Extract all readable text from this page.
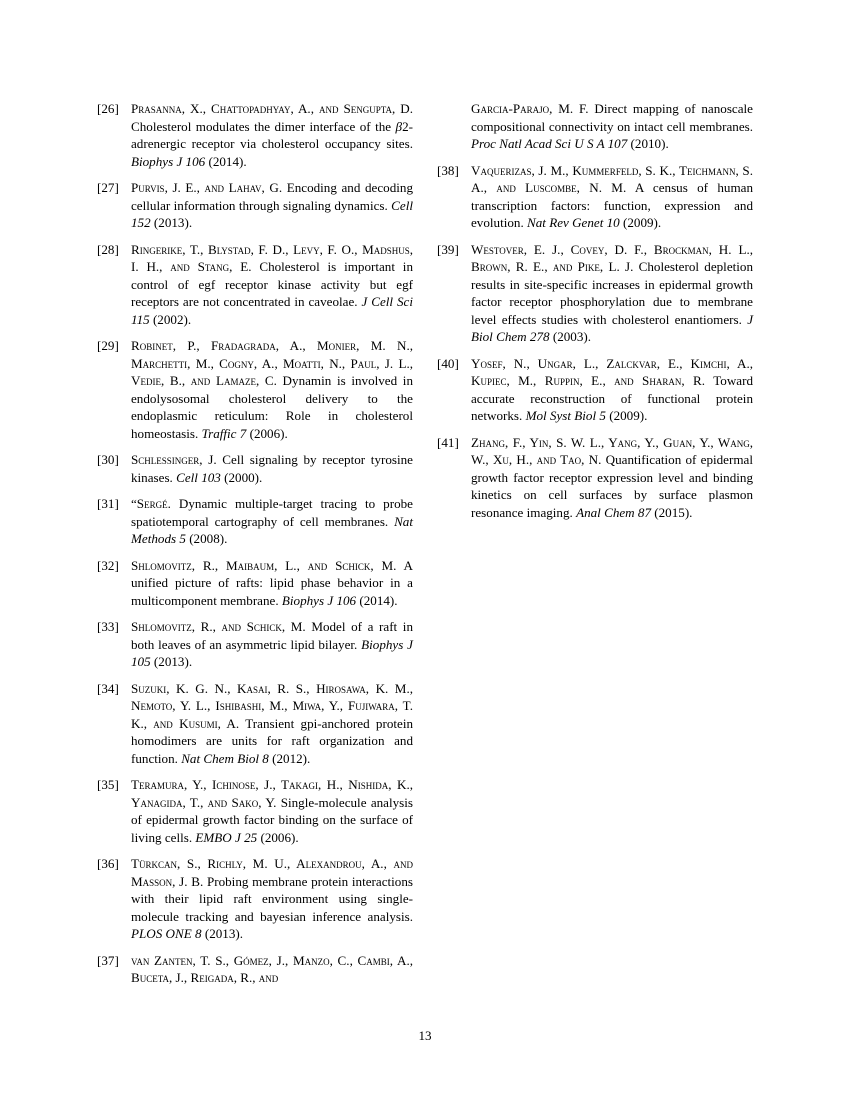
[26] Prasanna, X., Chattopadhyay, A., and Sengupta, D. Cholesterol modulates the dimer interface of the β2-adrenergic receptor via cholesterol occupancy sites. Biophys J 106 (2014).
[27] Purvis, J. E., and Lahav, G. Encoding and decoding cellular information through signaling dynamics. Cell 152 (2013).
[28] Ringerike, T., Blystad, F. D., Levy, F. O., Madshus, I. H., and Stang, E. Cholesterol is important in control of egf receptor kinase activity but egf receptors are not concentrated in caveolae. J Cell Sci 115 (2002).
[29] Robinet, P., Fradagrada, A., Monier, M. N., Marchetti, M., Cogny, A., Moatti, N., Paul, J. L., Vedie, B., and Lamaze, C. Dynamin is involved in endolysosomal cholesterol delivery to the endoplasmic reticulum: Role in cholesterol homeostasis. Traffic 7 (2006).
[30] Schlessinger, J. Cell signaling by receptor tyrosine kinases. Cell 103 (2000).
[31] “Sergé. Dynamic multiple-target tracing to probe spatiotemporal cartography of cell membranes. Nat Methods 5 (2008).
[32] Shlomovitz, R., Maibaum, L., and Schick, M. A unified picture of rafts: lipid phase behavior in a multicomponent membrane. Biophys J 106 (2014).
[33] Shlomovitz, R., and Schick, M. Model of a raft in both leaves of an asymmetric lipid bilayer. Biophys J 105 (2013).
[34] Suzuki, K. G. N., Kasai, R. S., Hirosawa, K. M., Nemoto, Y. L., Ishibashi, M., Miwa, Y., Fujiwara, T. K., and Kusumi, A. Transient gpi-anchored protein homodimers are units for raft organization and function. Nat Chem Biol 8 (2012).
[35] Teramura, Y., Ichinose, J., Takagi, H., Nishida, K., Yanagida, T., and Sako, Y. Single-molecule analysis of epidermal growth factor binding on the surface of living cells. EMBO J 25 (2006).
[36] Türkcan, S., Richly, M. U., Alexandrou, A., and Masson, J. B. Probing membrane protein interactions with their lipid raft environment using single-molecule tracking and bayesian inference analysis. PLOS ONE 8 (2013).
[37] van Zanten, T. S., Gómez, J., Manzo, C., Cambi, A., Buceta, J., Reigada, R., and
Garcia-Parajo, M. F. Direct mapping of nanoscale compositional connectivity on intact cell membranes. Proc Natl Acad Sci U S A 107 (2010).
[38] Vaquerizas, J. M., Kummerfeld, S. K., Teichmann, S. A., and Luscombe, N. M. A census of human transcription factors: function, expression and evolution. Nat Rev Genet 10 (2009).
[39] Westover, E. J., Covey, D. F., Brockman, H. L., Brown, R. E., and Pike, L. J. Cholesterol depletion results in site-specific increases in epidermal growth factor receptor phosphorylation due to membrane level effects studies with cholesterol enantiomers. J Biol Chem 278 (2003).
[40] Yosef, N., Ungar, L., Zalckvar, E., Kimchi, A., Kupiec, M., Ruppin, E., and Sharan, R. Toward accurate reconstruction of functional protein networks. Mol Syst Biol 5 (2009).
[41] Zhang, F., Yin, S. W. L., Yang, Y., Guan, Y., Wang, W., Xu, H., and Tao, N. Quantification of epidermal growth factor receptor expression level and binding kinetics on cell surfaces by surface plasmon resonance imaging. Anal Chem 87 (2015).
13
